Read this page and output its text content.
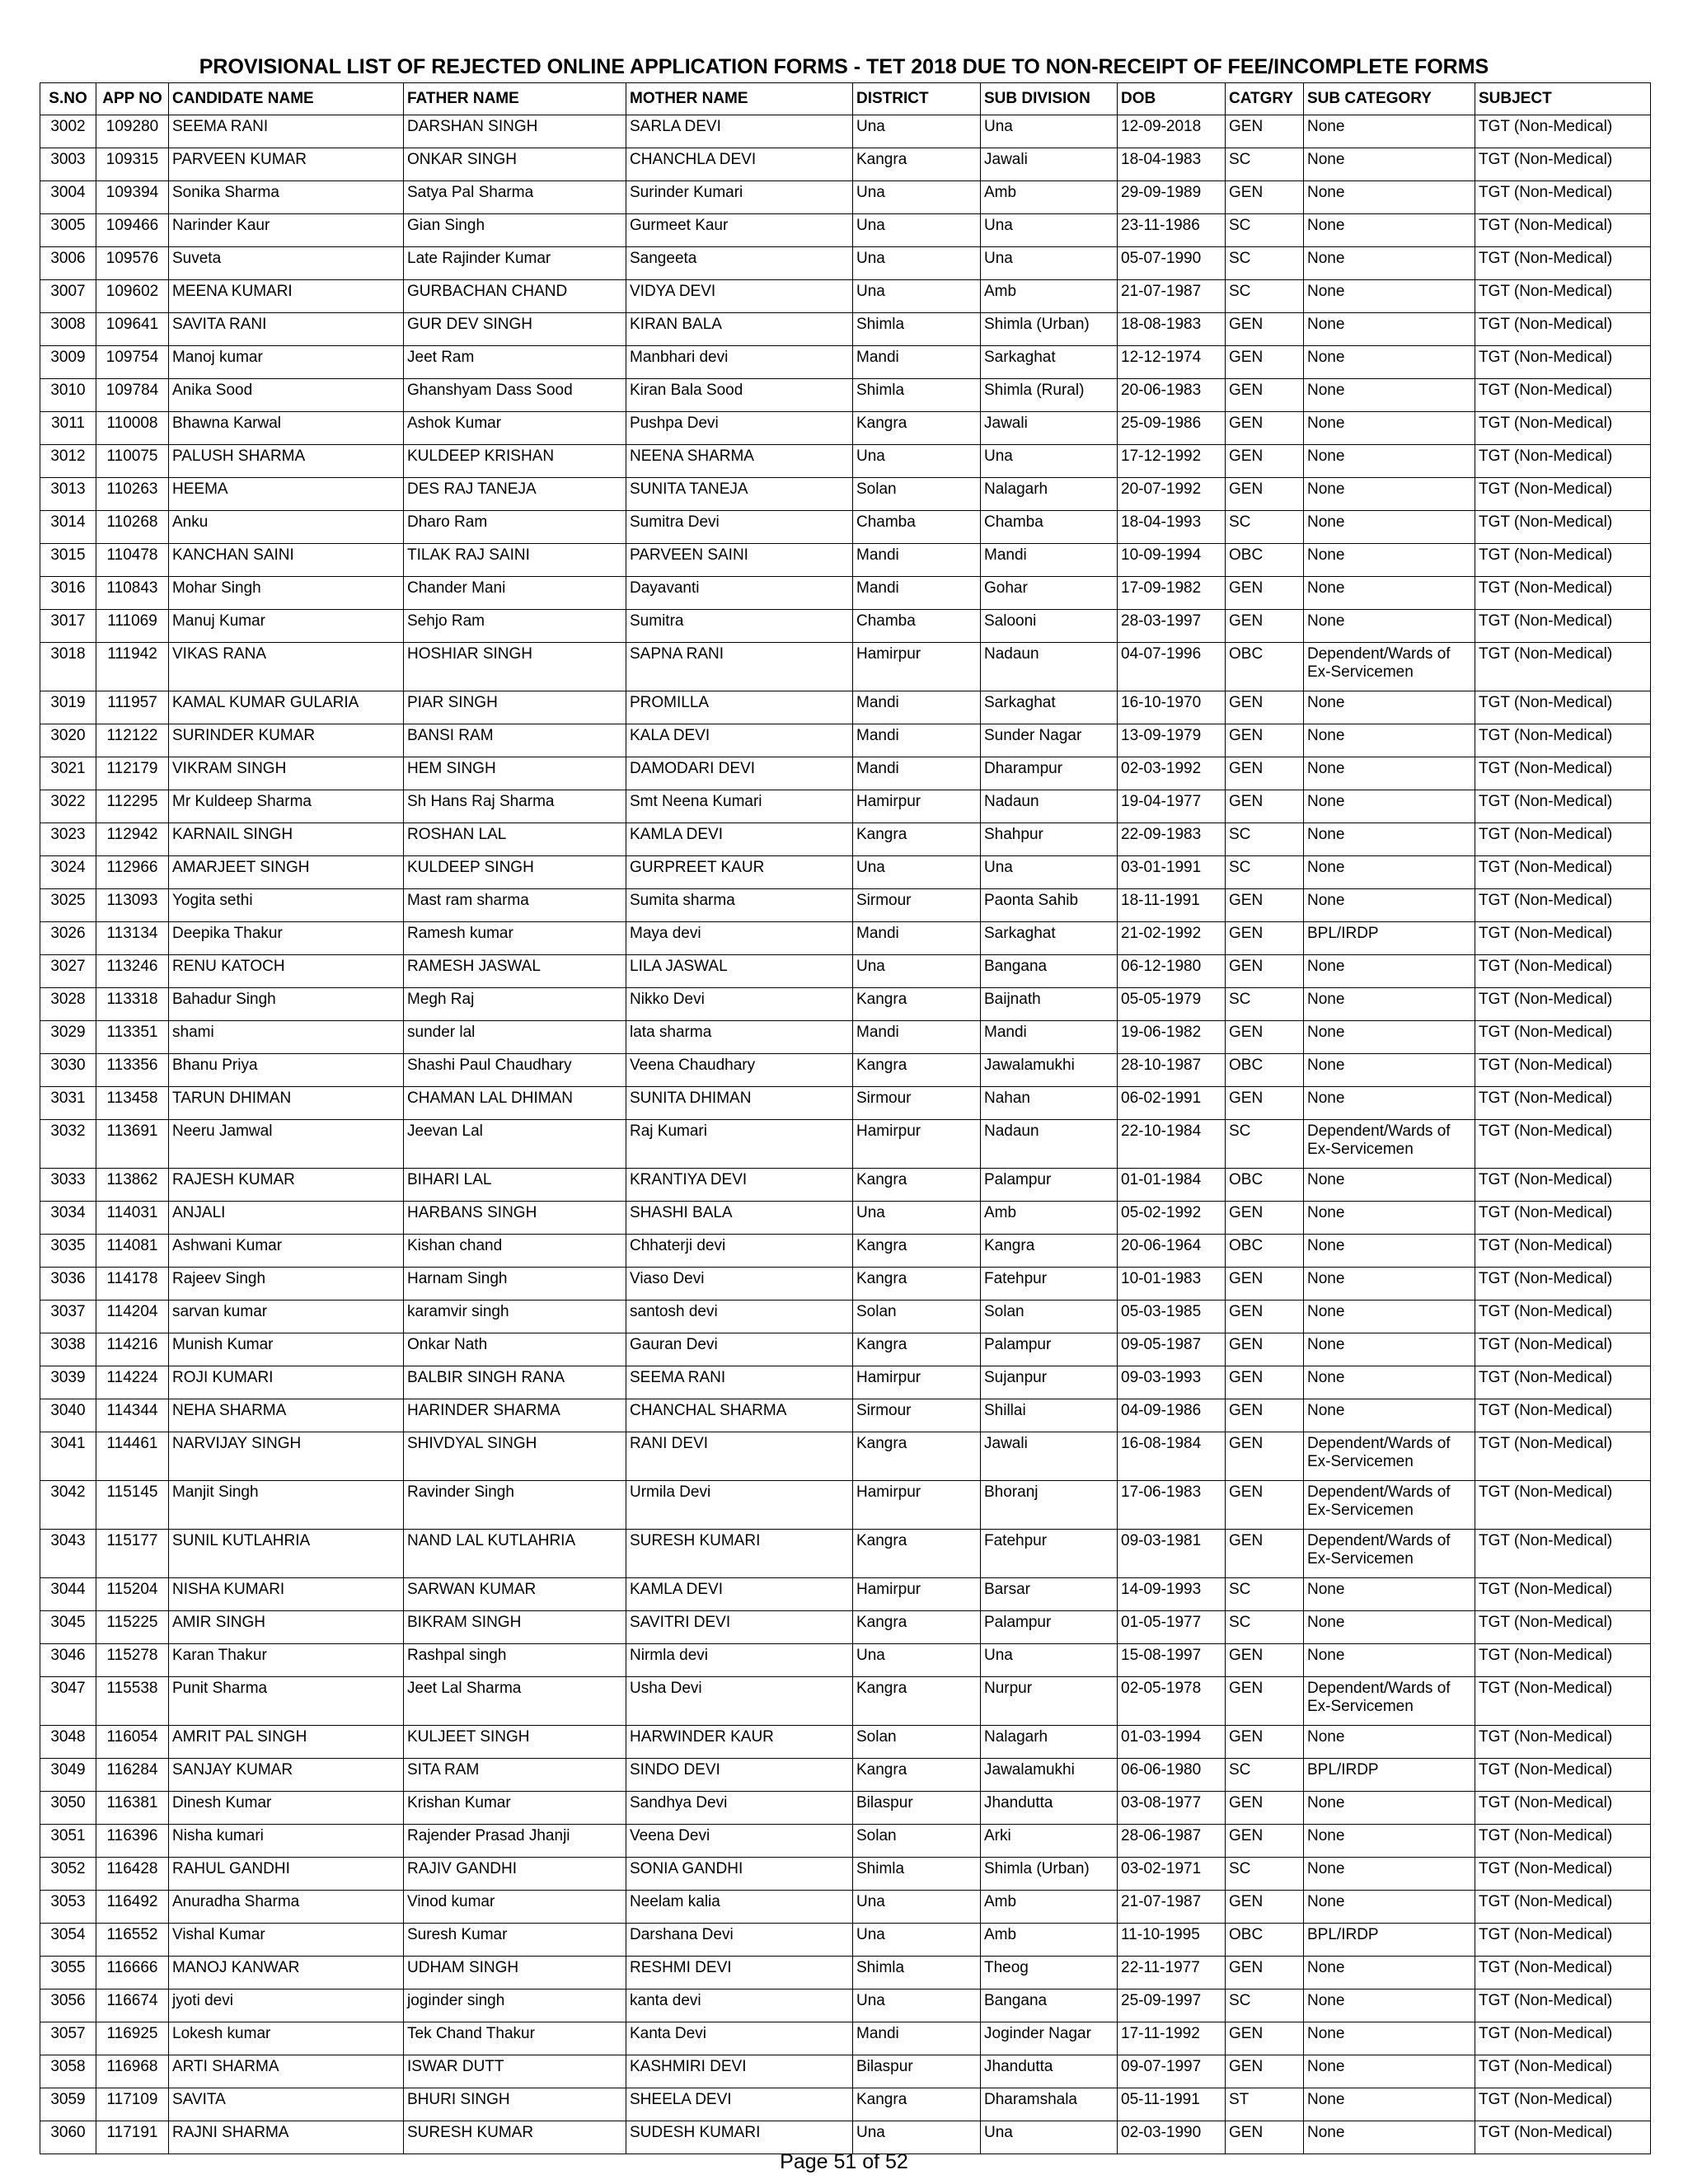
PROVISIONAL LIST OF REJECTED ONLINE APPLICATION FORMS - TET 2018 DUE TO NON-RECEIPT OF FEE/INCOMPLETE FORMS
S.NO	APP NO	CANDIDATE NAME	FATHER NAME	MOTHER NAME	DISTRICT	SUB DIVISION	DOB	CATGRY	SUB CATEGORY	SUBJECT
3002	109280	SEEMA RANI	DARSHAN SINGH	SARLA DEVI	Una	Una	12-09-2018	GEN	None	TGT (Non-Medical)
3003	109315	PARVEEN KUMAR	ONKAR SINGH	CHANCHLA DEVI	Kangra	Jawali	18-04-1983	SC	None	TGT (Non-Medical)
3004	109394	Sonika Sharma	Satya Pal Sharma	Surinder Kumari	Una	Amb	29-09-1989	GEN	None	TGT (Non-Medical)
3005	109466	Narinder Kaur	Gian Singh	Gurmeet Kaur	Una	Una	23-11-1986	SC	None	TGT (Non-Medical)
3006	109576	Suveta	Late Rajinder Kumar	Sangeeta	Una	Una	05-07-1990	SC	None	TGT (Non-Medical)
3007	109602	MEENA KUMARI	GURBACHAN CHAND	VIDYA DEVI	Una	Amb	21-07-1987	SC	None	TGT (Non-Medical)
3008	109641	SAVITA RANI	GUR DEV SINGH	KIRAN BALA	Shimla	Shimla (Urban)	18-08-1983	GEN	None	TGT (Non-Medical)
3009	109754	Manoj kumar	Jeet Ram	Manbhari devi	Mandi	Sarkaghat	12-12-1974	GEN	None	TGT (Non-Medical)
3010	109784	Anika Sood	Ghanshyam Dass Sood	Kiran Bala Sood	Shimla	Shimla (Rural)	20-06-1983	GEN	None	TGT (Non-Medical)
3011	110008	Bhawna Karwal	Ashok Kumar	Pushpa Devi	Kangra	Jawali	25-09-1986	GEN	None	TGT (Non-Medical)
3012	110075	PALUSH SHARMA	KULDEEP KRISHAN	NEENA SHARMA	Una	Una	17-12-1992	GEN	None	TGT (Non-Medical)
3013	110263	HEEMA	DES RAJ TANEJA	SUNITA TANEJA	Solan	Nalagarh	20-07-1992	GEN	None	TGT (Non-Medical)
3014	110268	Anku	Dharo Ram	Sumitra Devi	Chamba	Chamba	18-04-1993	SC	None	TGT (Non-Medical)
3015	110478	KANCHAN SAINI	TILAK RAJ SAINI	PARVEEN SAINI	Mandi	Mandi	10-09-1994	OBC	None	TGT (Non-Medical)
3016	110843	Mohar Singh	Chander Mani	Dayavanti	Mandi	Gohar	17-09-1982	GEN	None	TGT (Non-Medical)
3017	111069	Manuj Kumar	Sehjo Ram	Sumitra	Chamba	Salooni	28-03-1997	GEN	None	TGT (Non-Medical)
3018	111942	VIKAS RANA	HOSHIAR SINGH	SAPNA RANI	Hamirpur	Nadaun	04-07-1996	OBC	Dependent/Wards of Ex-Servicemen	TGT (Non-Medical)
3019	111957	KAMAL KUMAR GULARIA	PIAR SINGH	PROMILLA	Mandi	Sarkaghat	16-10-1970	GEN	None	TGT (Non-Medical)
3020	112122	SURINDER KUMAR	BANSI RAM	KALA DEVI	Mandi	Sunder Nagar	13-09-1979	GEN	None	TGT (Non-Medical)
3021	112179	VIKRAM SINGH	HEM SINGH	DAMODARI DEVI	Mandi	Dharampur	02-03-1992	GEN	None	TGT (Non-Medical)
3022	112295	Mr Kuldeep Sharma	Sh Hans Raj Sharma	Smt Neena Kumari	Hamirpur	Nadaun	19-04-1977	GEN	None	TGT (Non-Medical)
3023	112942	KARNAIL SINGH	ROSHAN LAL	KAMLA DEVI	Kangra	Shahpur	22-09-1983	SC	None	TGT (Non-Medical)
3024	112966	AMARJEET SINGH	KULDEEP SINGH	GURPREET KAUR	Una	Una	03-01-1991	SC	None	TGT (Non-Medical)
3025	113093	Yogita sethi	Mast ram sharma	Sumita sharma	Sirmour	Paonta Sahib	18-11-1991	GEN	None	TGT (Non-Medical)
3026	113134	Deepika Thakur	Ramesh kumar	Maya devi	Mandi	Sarkaghat	21-02-1992	GEN	BPL/IRDP	TGT (Non-Medical)
3027	113246	RENU KATOCH	RAMESH JASWAL	LILA JASWAL	Una	Bangana	06-12-1980	GEN	None	TGT (Non-Medical)
3028	113318	Bahadur Singh	Megh Raj	Nikko Devi	Kangra	Baijnath	05-05-1979	SC	None	TGT (Non-Medical)
3029	113351	shami	sunder lal	lata sharma	Mandi	Mandi	19-06-1982	GEN	None	TGT (Non-Medical)
3030	113356	Bhanu Priya	Shashi Paul Chaudhary	Veena Chaudhary	Kangra	Jawalamukhi	28-10-1987	OBC	None	TGT (Non-Medical)
3031	113458	TARUN DHIMAN	CHAMAN LAL DHIMAN	SUNITA DHIMAN	Sirmour	Nahan	06-02-1991	GEN	None	TGT (Non-Medical)
3032	113691	Neeru Jamwal	Jeevan Lal	Raj Kumari	Hamirpur	Nadaun	22-10-1984	SC	Dependent/Wards of Ex-Servicemen	TGT (Non-Medical)
3033	113862	RAJESH KUMAR	BIHARI LAL	KRANTIYA DEVI	Kangra	Palampur	01-01-1984	OBC	None	TGT (Non-Medical)
3034	114031	ANJALI	HARBANS SINGH	SHASHI BALA	Una	Amb	05-02-1992	GEN	None	TGT (Non-Medical)
3035	114081	Ashwani Kumar	Kishan chand	Chhaterji devi	Kangra	Kangra	20-06-1964	OBC	None	TGT (Non-Medical)
3036	114178	Rajeev Singh	Harnam Singh	Viaso Devi	Kangra	Fatehpur	10-01-1983	GEN	None	TGT (Non-Medical)
3037	114204	sarvan kumar	karamvir singh	santosh devi	Solan	Solan	05-03-1985	GEN	None	TGT (Non-Medical)
3038	114216	Munish Kumar	Onkar Nath	Gauran Devi	Kangra	Palampur	09-05-1987	GEN	None	TGT (Non-Medical)
3039	114224	ROJI KUMARI	BALBIR SINGH RANA	SEEMA RANI	Hamirpur	Sujanpur	09-03-1993	GEN	None	TGT (Non-Medical)
3040	114344	NEHA SHARMA	HARINDER SHARMA	CHANCHAL SHARMA	Sirmour	Shillai	04-09-1986	GEN	None	TGT (Non-Medical)
3041	114461	NARVIJAY SINGH	SHIVDYAL SINGH	RANI DEVI	Kangra	Jawali	16-08-1984	GEN	Dependent/Wards of Ex-Servicemen	TGT (Non-Medical)
3042	115145	Manjit Singh	Ravinder Singh	Urmila Devi	Hamirpur	Bhoranj	17-06-1983	GEN	Dependent/Wards of Ex-Servicemen	TGT (Non-Medical)
3043	115177	SUNIL KUTLAHRIA	NAND LAL KUTLAHRIA	SURESH KUMARI	Kangra	Fatehpur	09-03-1981	GEN	Dependent/Wards of Ex-Servicemen	TGT (Non-Medical)
3044	115204	NISHA KUMARI	SARWAN KUMAR	KAMLA DEVI	Hamirpur	Barsar	14-09-1993	SC	None	TGT (Non-Medical)
3045	115225	AMIR SINGH	BIKRAM SINGH	SAVITRI DEVI	Kangra	Palampur	01-05-1977	SC	None	TGT (Non-Medical)
3046	115278	Karan Thakur	Rashpal singh	Nirmla devi	Una	Una	15-08-1997	GEN	None	TGT (Non-Medical)
3047	115538	Punit Sharma	Jeet Lal Sharma	Usha Devi	Kangra	Nurpur	02-05-1978	GEN	Dependent/Wards of Ex-Servicemen	TGT (Non-Medical)
3048	116054	AMRIT PAL SINGH	KULJEET SINGH	HARWINDER KAUR	Solan	Nalagarh	01-03-1994	GEN	None	TGT (Non-Medical)
3049	116284	SANJAY KUMAR	SITA RAM	SINDO DEVI	Kangra	Jawalamukhi	06-06-1980	SC	BPL/IRDP	TGT (Non-Medical)
3050	116381	Dinesh Kumar	Krishan Kumar	Sandhya Devi	Bilaspur	Jhandutta	03-08-1977	GEN	None	TGT (Non-Medical)
3051	116396	Nisha kumari	Rajender Prasad Jhanji	Veena Devi	Solan	Arki	28-06-1987	GEN	None	TGT (Non-Medical)
3052	116428	RAHUL GANDHI	RAJIV GANDHI	SONIA GANDHI	Shimla	Shimla (Urban)	03-02-1971	SC	None	TGT (Non-Medical)
3053	116492	Anuradha Sharma	Vinod kumar	Neelam kalia	Una	Amb	21-07-1987	GEN	None	TGT (Non-Medical)
3054	116552	Vishal Kumar	Suresh Kumar	Darshana Devi	Una	Amb	11-10-1995	OBC	BPL/IRDP	TGT (Non-Medical)
3055	116666	MANOJ KANWAR	UDHAM SINGH	RESHMI DEVI	Shimla	Theog	22-11-1977	GEN	None	TGT (Non-Medical)
3056	116674	jyoti devi	joginder singh	kanta devi	Una	Bangana	25-09-1997	SC	None	TGT (Non-Medical)
3057	116925	Lokesh kumar	Tek Chand Thakur	Kanta Devi	Mandi	Joginder Nagar	17-11-1992	GEN	None	TGT (Non-Medical)
3058	116968	ARTI SHARMA	ISWAR DUTT	KASHMIRI DEVI	Bilaspur	Jhandutta	09-07-1997	GEN	None	TGT (Non-Medical)
3059	117109	SAVITA	BHURI SINGH	SHEELA DEVI	Kangra	Dharamshala	05-11-1991	ST	None	TGT (Non-Medical)
3060	117191	RAJNI SHARMA	SURESH KUMAR	SUDESH KUMARI	Una	Una	02-03-1990	GEN	None	TGT (Non-Medical)
Page 51 of 52
